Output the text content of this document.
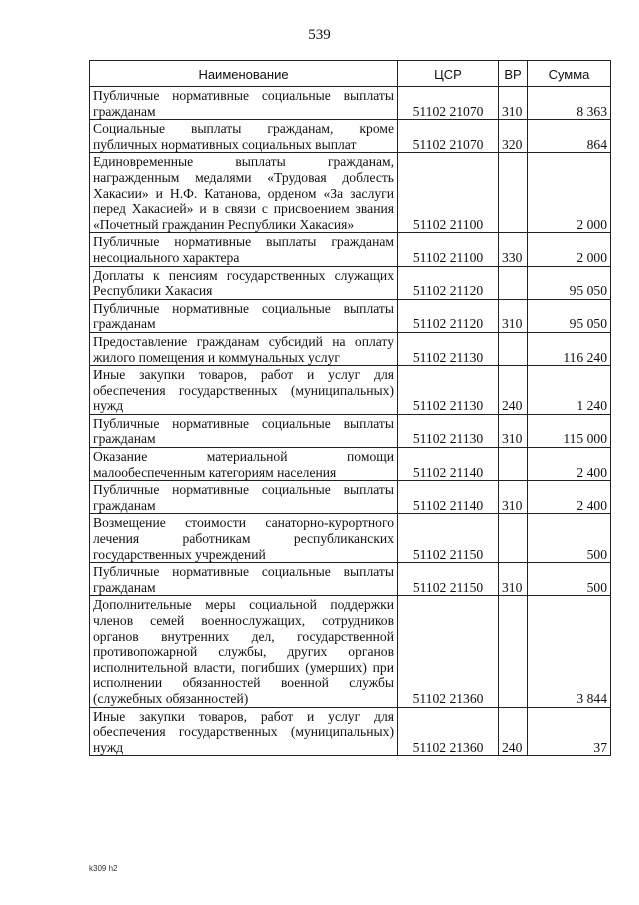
539
Наименование	ЦСР	ВР	Сумма
Публичные нормативные социальные выплаты гражданам	51102 21070	310	8 363
Социальные выплаты гражданам, кроме публичных нормативных социальных выплат	51102 21070	320	864
Единовременные выплаты гражданам, награжденным медалями «Трудовая доблесть Хакасии» и Н.Ф. Катанова, орденом «За заслуги перед Хакасией» и в связи с присвоением звания «Почетный гражданин Республики Хакасия»	51102 21100		2 000
Публичные нормативные выплаты гражданам несоциального характера	51102 21100	330	2 000
Доплаты к пенсиям государственных служащих Республики Хакасия	51102 21120		95 050
Публичные нормативные социальные выплаты гражданам	51102 21120	310	95 050
Предоставление гражданам субсидий на оплату жилого помещения и коммунальных услуг	51102 21130		116 240
Иные закупки товаров, работ и услуг для обеспечения государственных (муниципальных) нужд	51102 21130	240	1 240
Публичные нормативные социальные выплаты гражданам	51102 21130	310	115 000
Оказание материальной помощи малообеспеченным категориям населения	51102 21140		2 400
Публичные нормативные социальные выплаты гражданам	51102 21140	310	2 400
Возмещение стоимости санаторно-курортного лечения работникам республиканских государственных учреждений	51102 21150		500
Публичные нормативные социальные выплаты гражданам	51102 21150	310	500
Дополнительные меры социальной поддержки членов семей военнослужащих, сотрудников органов внутренних дел, государственной противопожарной службы, других органов исполнительной власти, погибших (умерших) при исполнении обязанностей военной службы (служебных обязанностей)	51102 21360		3 844
Иные закупки товаров, работ и услуг для обеспечения государственных (муниципальных) нужд	51102 21360	240	37
k309 h2
